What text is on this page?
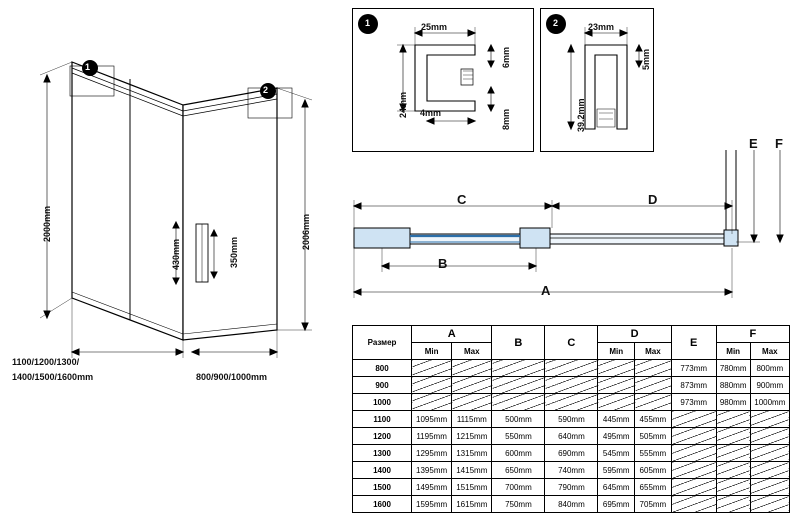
1
2
2000mm	2006mm
430mm	350mm
1100/1200/1300/
1400/1500/1600mm	800/900/1000mm
1	25mm
24mm 4mm
6mm
8mm
2	23mm
39.2mm
5mm
C	D
B
A
E F
Размер	A		B	C	D		E	F	
	Min	Max			Min	Max		Min	Max
800							773mm	780mm	800mm
900							873mm	880mm	900mm
1000							973mm	980mm	1000mm
1100	1095mm	1115mm	500mm	590mm	445mm	455mm			
1200	1195mm	1215mm	550mm	640mm	495mm	505mm			
1300	1295mm	1315mm	600mm	690mm	545mm	555mm			
1400	1395mm	1415mm	650mm	740mm	595mm	605mm			
1500	1495mm	1515mm	700mm	790mm	645mm	655mm			
1600	1595mm	1615mm	750mm	840mm	695mm	705mm			
